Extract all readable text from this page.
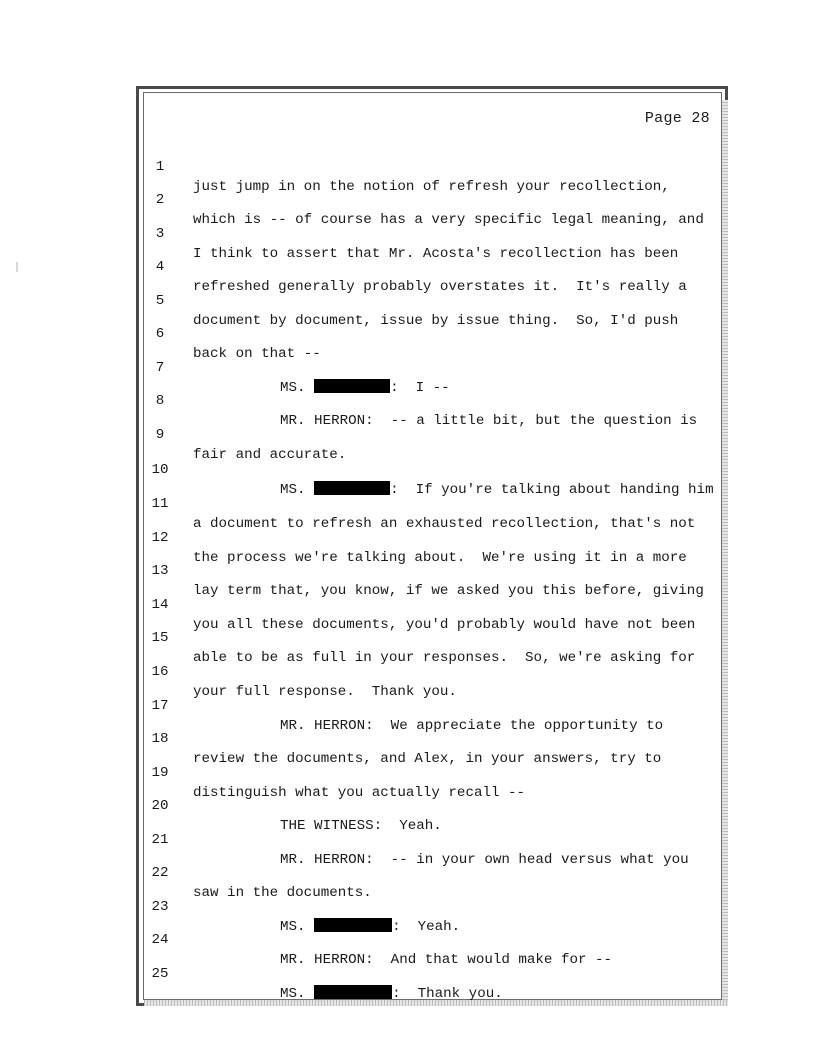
Page 28

1

just jump in on the notion of refresh your recollection,

2

which is -- of course has a very specific legal meaning, and

3

I think to assert that Mr. Acosta's recollection has been

4

refreshed generally probably overstates it.  It's really a

5

document by document, issue by issue thing.  So, I'd push

6

back on that --

7

MS.	:  I --

8

MR. HERRON:  -- a little bit, but the question is

9

fair and accurate.

10

MS.	:  If you're talking about handing him

11

a document to refresh an exhausted recollection, that's not

12

the process we're talking about.  We're using it in a more

13

lay term that, you know, if we asked you this before, giving

14

you all these documents, you'd probably would have not been

15

able to be as full in your responses.  So, we're asking for

16

your full response.  Thank you.

17

MR. HERRON:  We appreciate the opportunity to

18

review the documents, and Alex, in your answers, try to

19

distinguish what you actually recall --

20

THE WITNESS:  Yeah.

21

MR. HERRON:  -- in your own head versus what you

22

saw in the documents.

23

MS.	:  Yeah.

24

MR. HERRON:  And that would make for --

25

MS.	:  Thank you.
